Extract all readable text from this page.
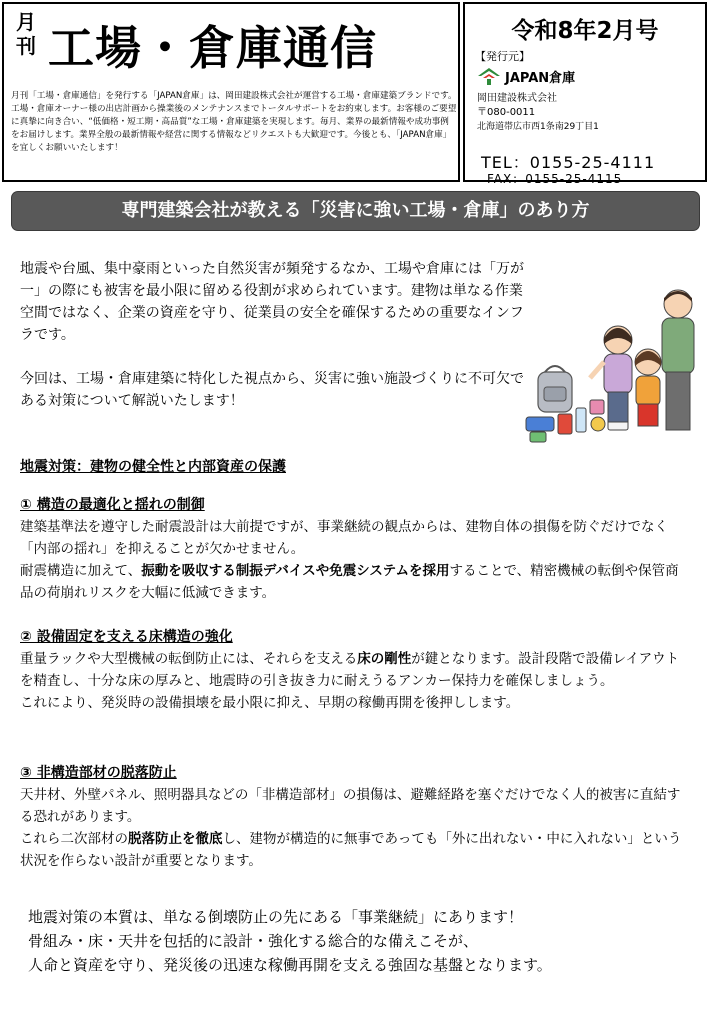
月刊 工場・倉庫通信
月刊「工場・倉庫通信」を発行する「JAPAN倉庫」は、岡田建設株式会社が運営する工場・倉庫建築ブランドです。工場・倉庫オーナー様の出店計画から操業後のメンテナンスまでトータルサポートをお約束します。お客様のご要望に真摯に向き合い、“低価格・短工期・高品質”な工場・倉庫建築を実現します。毎月、業界の最新情報や成功事例をお届けします。業界全般の最新情報や経営に関する情報などリクエストも大歓迎です。今後とも、「JAPAN倉庫」を宜しくお願いいたします！
令和8年2月号
【発行元】
JAPAN倉庫
岡田建設株式会社
〒080-0011
北海道帯広市西1条南29丁目1
TEL：0155-25-4111
FAX：0155-25-4115
専門建築会社が教える「災害に強い工場・倉庫」のあり方

地震や台風、集中豪雨といった自然災害が頻発するなか、工場や倉庫には「万が一」の際にも被害を最小限に留める役割が求められています。建物は単なる作業空間ではなく、企業の資産を守り、従業員の安全を確保するための重要なインフラです。

今回は、工場・倉庫建築に特化した視点から、災害に強い施設づくりに不可欠である対策について解説いたします！

地震対策：建物の健全性と内部資産の保護
① 構造の最適化と揺れの制御

建築基準法を遵守した耐震設計は大前提ですが、事業継続の観点からは、建物自体の損傷を防ぐだけでなく「内部の揺れ」を抑えることが欠かせません。

耐震構造に加えて、振動を吸収する制振デバイスや免震システムを採用することで、精密機械の転倒や保管商品の荷崩れリスクを大幅に低減できます。

② 設備固定を支える床構造の強化

重量ラックや大型機械の転倒防止には、それらを支える床の剛性が鍵となります。設計段階で設備レイアウトを精査し、十分な床の厚みと、地震時の引き抜き力に耐えうるアンカー保持力を確保しましょう。

これにより、発災時の設備損壊を最小限に抑え、早期の稼働再開を後押しします。

③ 非構造部材の脱落防止

天井材、外壁パネル、照明器具などの「非構造部材」の損傷は、避難経路を塞ぐだけでなく人的被害に直結する恐れがあります。

これら二次部材の脱落防止を徹底し、建物が構造的に無事であっても「外に出れない・中に入れない」という状況を作らない設計が重要となります。

地震対策の本質は、単なる倒壊防止の先にある「事業継続」にあります！

骨組み・床・天井を包括的に設計・強化する総合的な備えこそが、

人命と資産を守り、発災後の迅速な稼働再開を支える強固な基盤となります。
